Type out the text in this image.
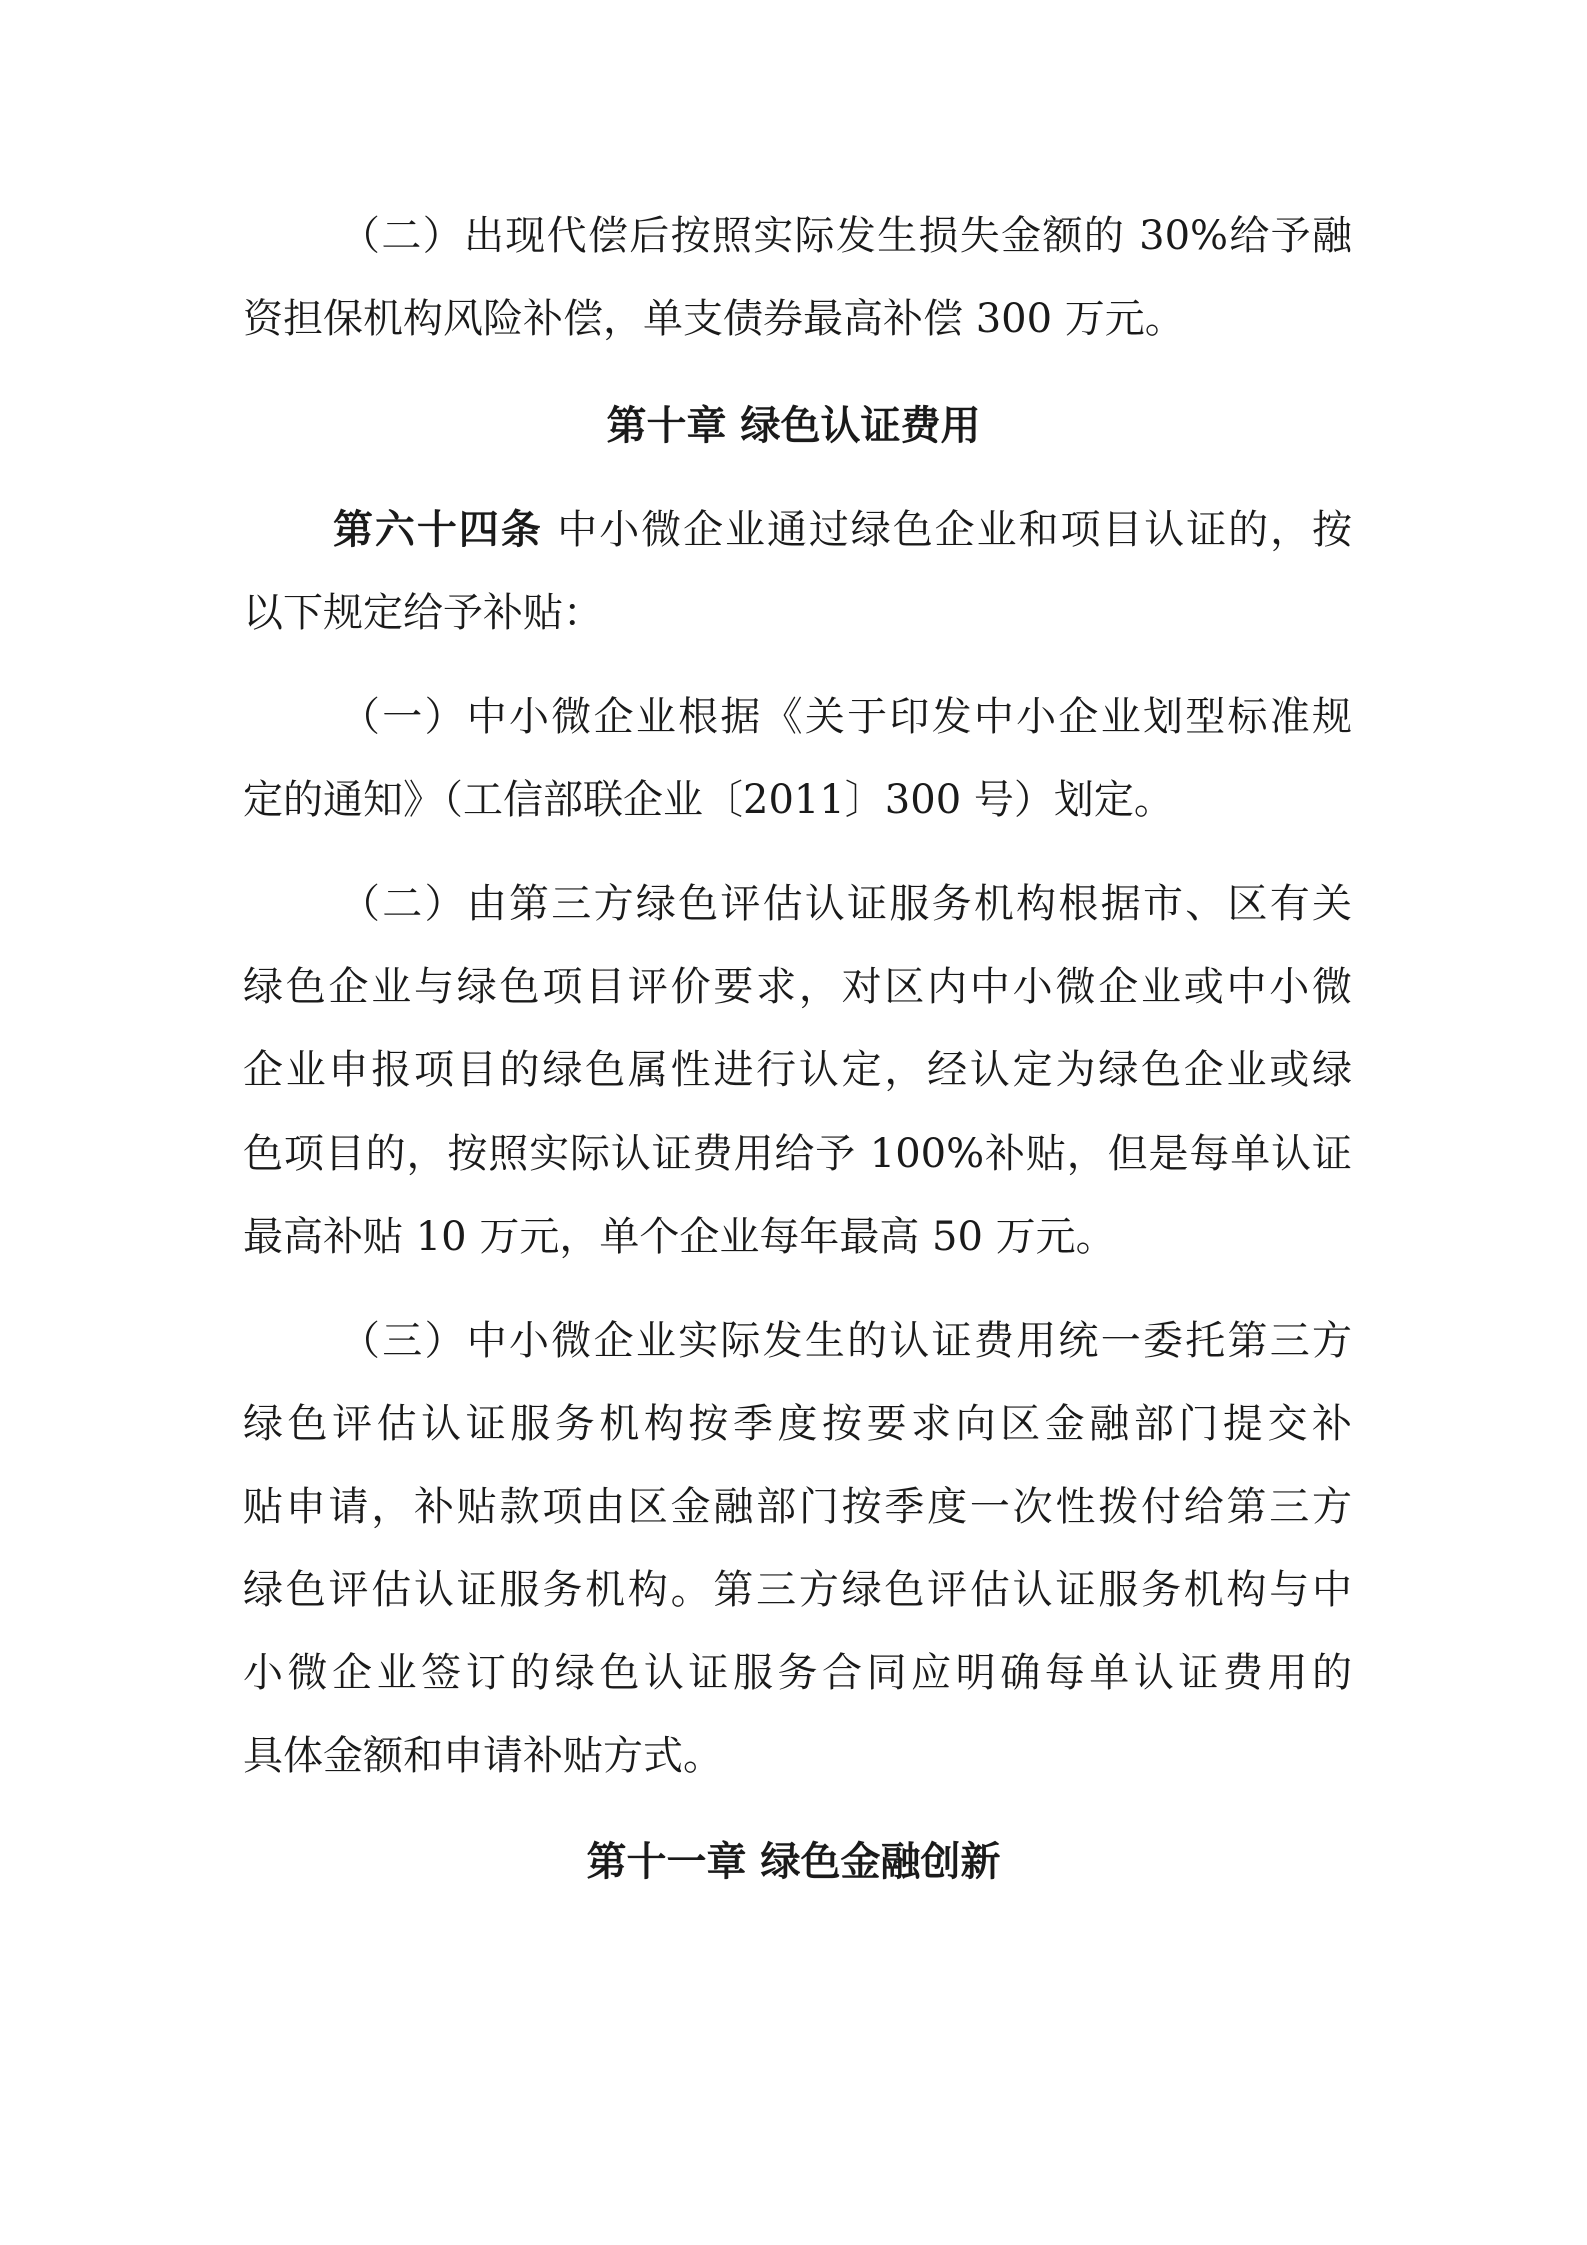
（二）出现代偿后按照实际发生损失金额的 30%给予融
资担保机构风险补偿，单支债券最高补偿 300 万元。
第十章 绿色认证费用
第六十四条 中小微企业通过绿色企业和项目认证的，按
以下规定给予补贴：
（一）中小微企业根据《关于印发中小企业划型标准规
定的通知》（工信部联企业〔2011〕300 号）划定。
（二）由第三方绿色评估认证服务机构根据市、区有关
绿色企业与绿色项目评价要求，对区内中小微企业或中小微
企业申报项目的绿色属性进行认定，经认定为绿色企业或绿
色项目的，按照实际认证费用给予 100%补贴，但是每单认证
最高补贴 10 万元，单个企业每年最高 50 万元。
（三）中小微企业实际发生的认证费用统一委托第三方
绿色评估认证服务机构按季度按要求向区金融部门提交补
贴申请，补贴款项由区金融部门按季度一次性拨付给第三方
绿色评估认证服务机构。第三方绿色评估认证服务机构与中
小微企业签订的绿色认证服务合同应明确每单认证费用的
具体金额和申请补贴方式。
第十一章 绿色金融创新
